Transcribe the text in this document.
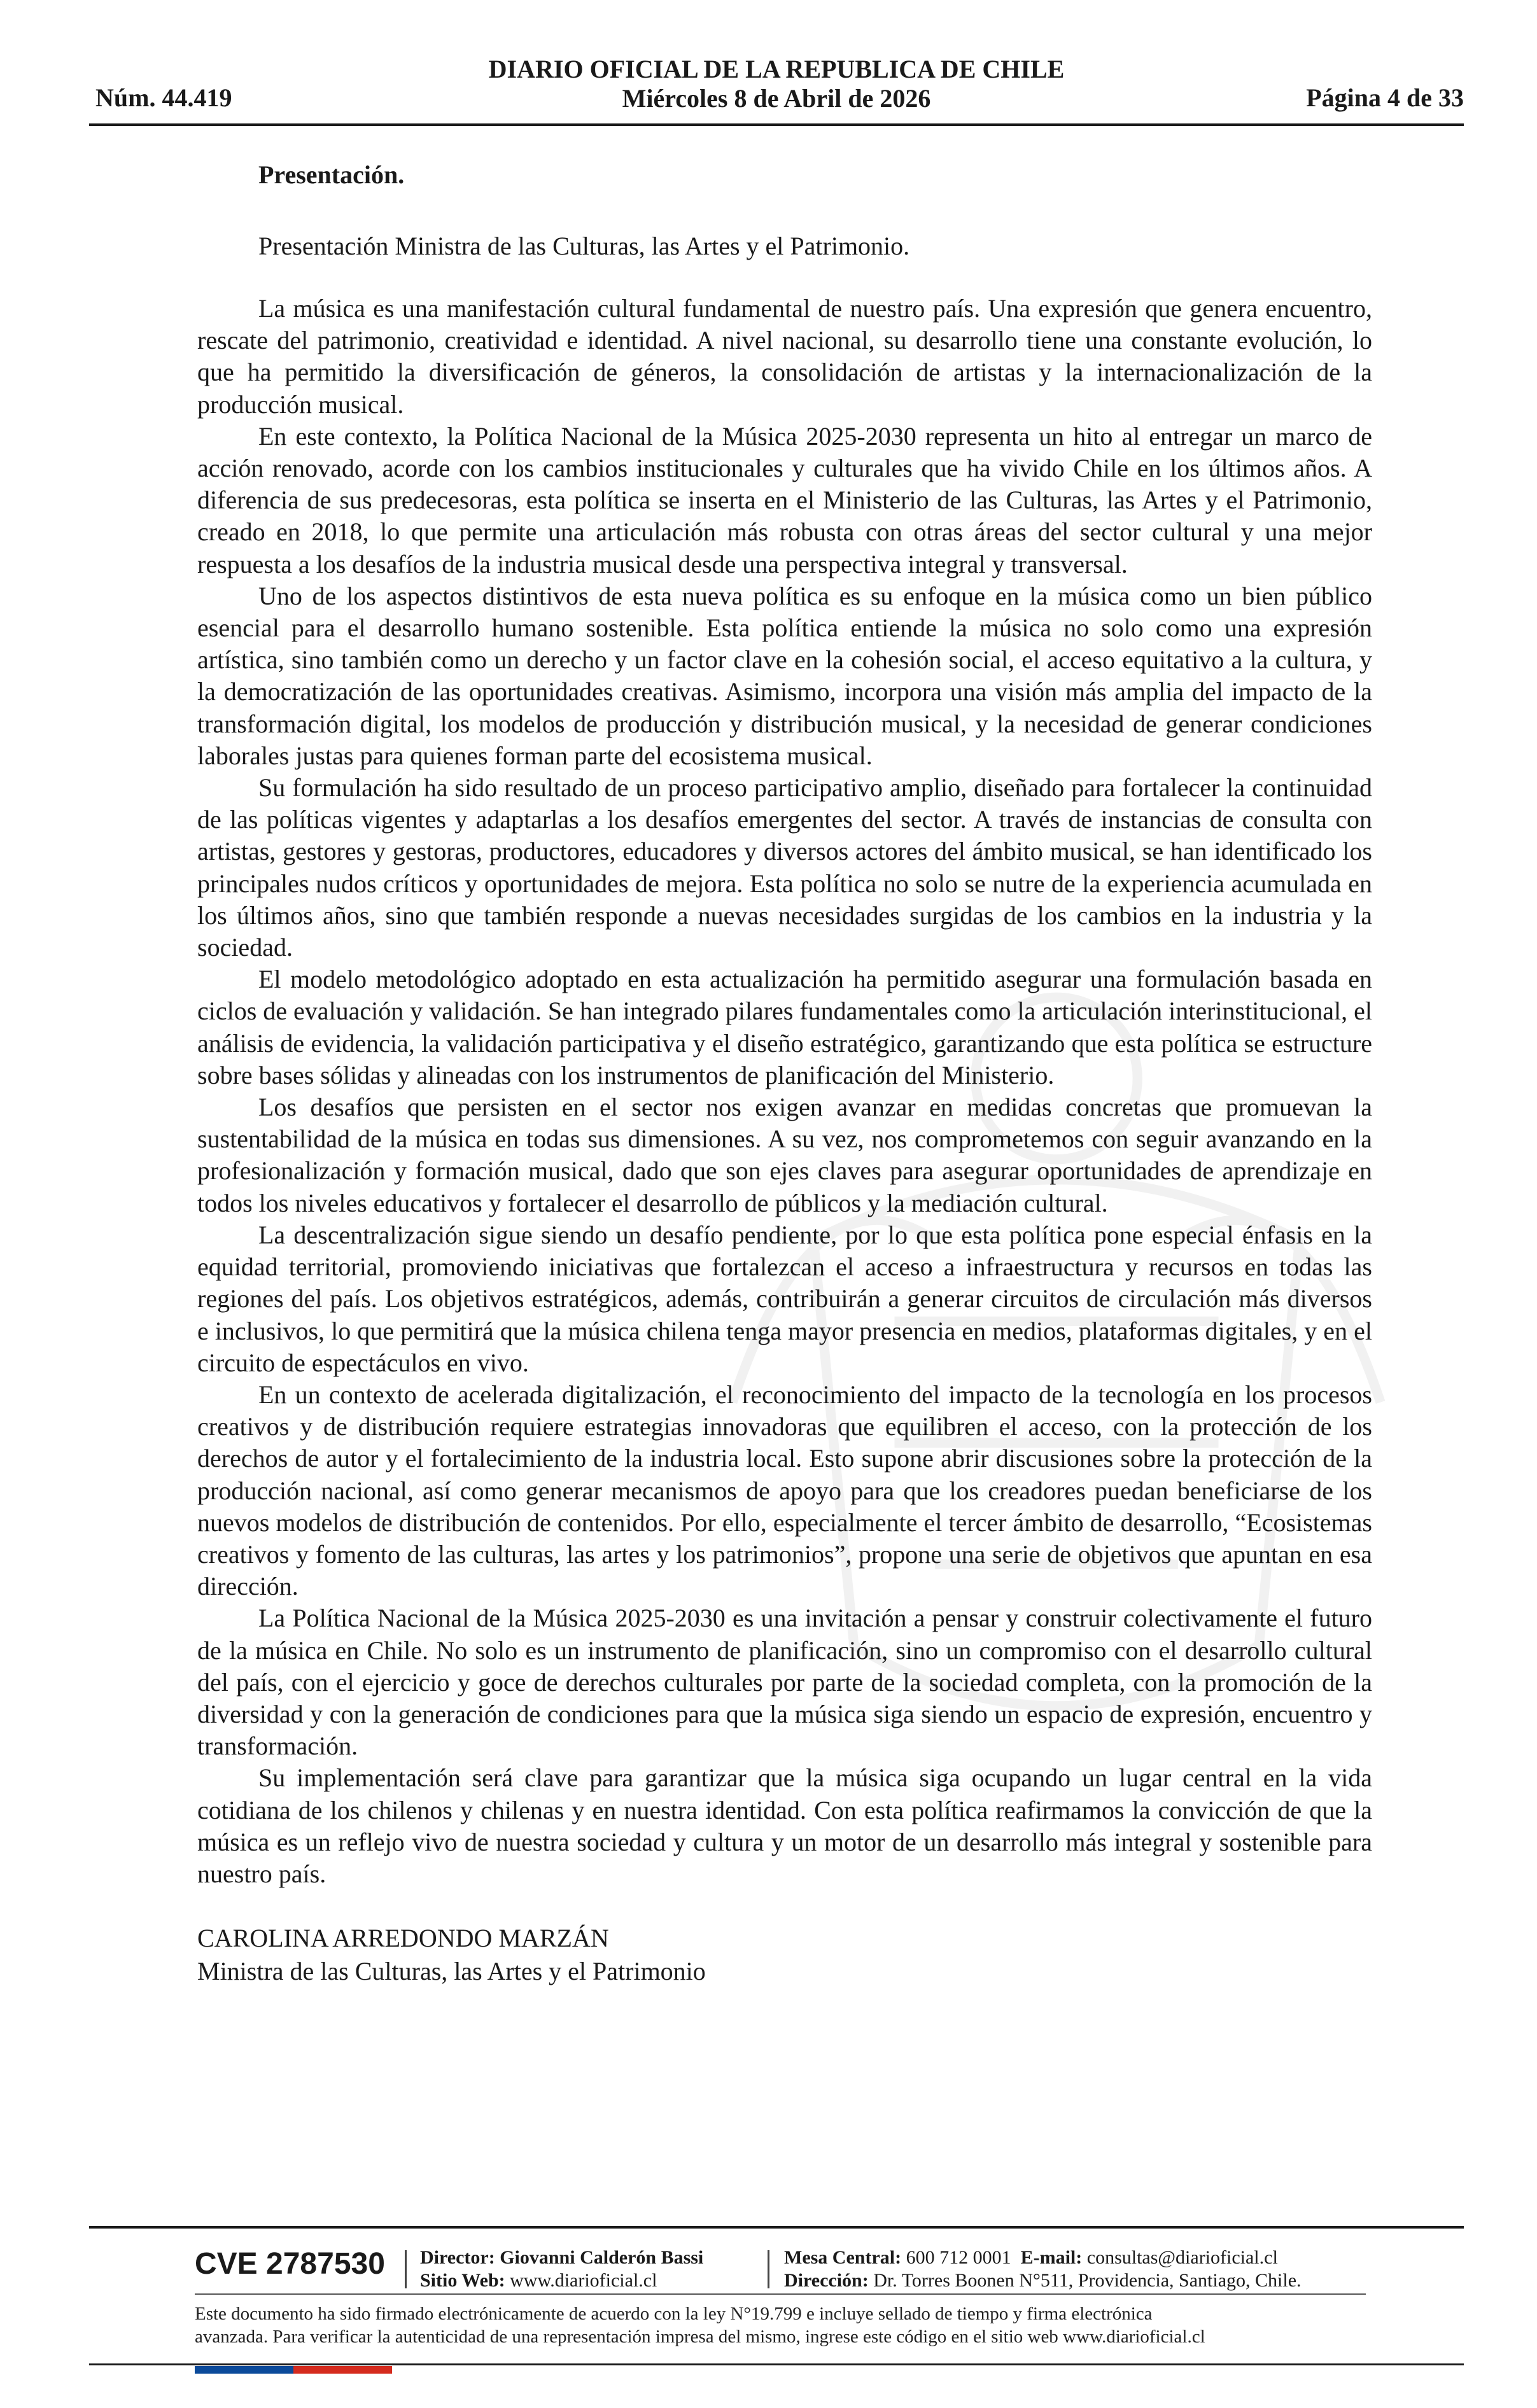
Núm. 44.419
DIARIO OFICIAL DE LA REPUBLICA DE CHILE
Miércoles 8 de Abril de 2026	Página 4 de 33
Presentación.
Presentación Ministra de las Culturas, las Artes y el Patrimonio.

La música es una manifestación cultural fundamental de nuestro país. Una expresión que genera encuentro, rescate del patrimonio, creatividad e identidad. A nivel nacional, su desarrollo tiene una constante evolución, lo que ha permitido la diversificación de géneros, la consolidación de artistas y la internacionalización de la producción musical.

En este contexto, la Política Nacional de la Música 2025-2030 representa un hito al entregar un marco de acción renovado, acorde con los cambios institucionales y culturales que ha vivido Chile en los últimos años. A diferencia de sus predecesoras, esta política se inserta en el Ministerio de las Culturas, las Artes y el Patrimonio, creado en 2018, lo que permite una articulación más robusta con otras áreas del sector cultural y una mejor respuesta a los desafíos de la industria musical desde una perspectiva integral y transversal.

Uno de los aspectos distintivos de esta nueva política es su enfoque en la música como un bien público esencial para el desarrollo humano sostenible. Esta política entiende la música no solo como una expresión artística, sino también como un derecho y un factor clave en la cohesión social, el acceso equitativo a la cultura, y la democratización de las oportunidades creativas. Asimismo, incorpora una visión más amplia del impacto de la transformación digital, los modelos de producción y distribución musical, y la necesidad de generar condiciones laborales justas para quienes forman parte del ecosistema musical.

Su formulación ha sido resultado de un proceso participativo amplio, diseñado para fortalecer la continuidad de las políticas vigentes y adaptarlas a los desafíos emergentes del sector. A través de instancias de consulta con artistas, gestores y gestoras, productores, educadores y diversos actores del ámbito musical, se han identificado los principales nudos críticos y oportunidades de mejora. Esta política no solo se nutre de la experiencia acumulada en los últimos años, sino que también responde a nuevas necesidades surgidas de los cambios en la industria y la sociedad.

El modelo metodológico adoptado en esta actualización ha permitido asegurar una formulación basada en ciclos de evaluación y validación. Se han integrado pilares fundamentales como la articulación interinstitucional, el análisis de evidencia, la validación participativa y el diseño estratégico, garantizando que esta política se estructure sobre bases sólidas y alineadas con los instrumentos de planificación del Ministerio.

Los desafíos que persisten en el sector nos exigen avanzar en medidas concretas que promuevan la sustentabilidad de la música en todas sus dimensiones. A su vez, nos comprometemos con seguir avanzando en la profesionalización y formación musical, dado que son ejes claves para asegurar oportunidades de aprendizaje en todos los niveles educativos y fortalecer el desarrollo de públicos y la mediación cultural.

La descentralización sigue siendo un desafío pendiente, por lo que esta política pone especial énfasis en la equidad territorial, promoviendo iniciativas que fortalezcan el acceso a infraestructura y recursos en todas las regiones del país. Los objetivos estratégicos, además, contribuirán a generar circuitos de circulación más diversos e inclusivos, lo que permitirá que la música chilena tenga mayor presencia en medios, plataformas digitales, y en el circuito de espectáculos en vivo.

En un contexto de acelerada digitalización, el reconocimiento del impacto de la tecnología en los procesos creativos y de distribución requiere estrategias innovadoras que equilibren el acceso, con la protección de los derechos de autor y el fortalecimiento de la industria local. Esto supone abrir discusiones sobre la protección de la producción nacional, así como generar mecanismos de apoyo para que los creadores puedan beneficiarse de los nuevos modelos de distribución de contenidos. Por ello, especialmente el tercer ámbito de desarrollo, “Ecosistemas creativos y fomento de las culturas, las artes y los patrimonios”, propone una serie de objetivos que apuntan en esa dirección.

La Política Nacional de la Música 2025-2030 es una invitación a pensar y construir colectivamente el futuro de la música en Chile. No solo es un instrumento de planificación, sino un compromiso con el desarrollo cultural del país, con el ejercicio y goce de derechos culturales por parte de la sociedad completa, con la promoción de la diversidad y con la generación de condiciones para que la música siga siendo un espacio de expresión, encuentro y transformación.

Su implementación será clave para garantizar que la música siga ocupando un lugar central en la vida cotidiana de los chilenos y chilenas y en nuestra identidad. Con esta política reafirmamos la convicción de que la música es un reflejo vivo de nuestra sociedad y cultura y un motor de un desarrollo más integral y sostenible para nuestro país.

CAROLINA ARREDONDO MARZÁN
Ministra de las Culturas, las Artes y el Patrimonio
CVE 2787530 Director: Giovanni Calderón Bassi
Sitio Web: www.diarioficial.cl
Mesa Central: 600 712 0001 E-mail: consultas@diarioficial.cl
Dirección: Dr. Torres Boonen N°511, Providencia, Santiago, Chile.
Este documento ha sido firmado electrónicamente de acuerdo con la ley N°19.799 e incluye sellado de tiempo y firma electrónica
avanzada. Para verificar la autenticidad de una representación impresa del mismo, ingrese este código en el sitio web www.diarioficial.cl
